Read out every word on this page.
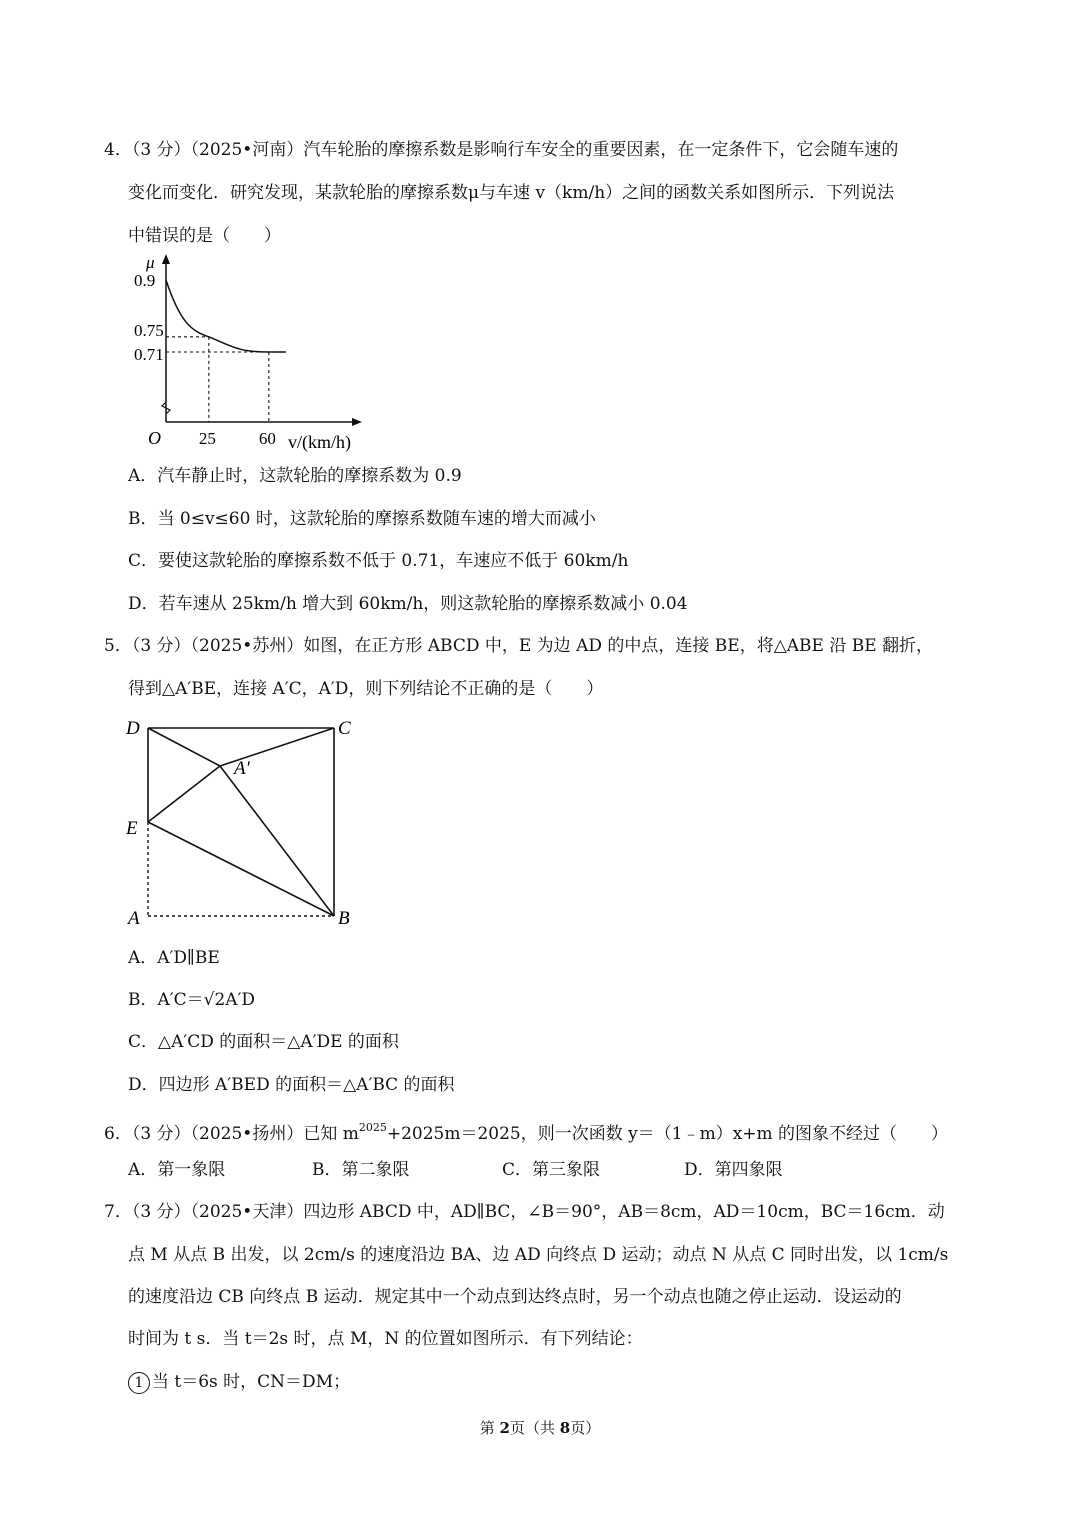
4．（3 分）（2025•河南）汽车轮胎的摩擦系数是影响行车安全的重要因素，在一定条件下，它会随车速的
变化而变化．研究发现，某款轮胎的摩擦系数μ与车速 v（km/h）之间的函数关系如图所示．下列说法
中错误的是（　　）
0.9
0.75
0.71
25	60
μ
O	v/(km/h)
A．汽车静止时，这款轮胎的摩擦系数为 0.9
B．当 0≤v≤60 时，这款轮胎的摩擦系数随车速的增大而减小
C．要使这款轮胎的摩擦系数不低于 0.71，车速应不低于 60km/h
D．若车速从 25km/h 增大到 60km/h，则这款轮胎的摩擦系数减小 0.04
5．（3 分）（2025•苏州）如图，在正方形 ABCD 中，E 为边 AD 的中点，连接 BE，将△ABE 沿 BE 翻折，
得到△A′BE，连接 A′C，A′D，则下列结论不正确的是（　　）
D	C
A′
E
A	B
A．A′D∥BE
B．A′C＝√2A′D
C．△A′CD 的面积＝△A′DE 的面积
D．四边形 A′BED 的面积＝△A′BC 的面积
6．（3 分）（2025•扬州）已知 $m^{2025}+2025m=2025$，则一次函数 y＝（1﹣m）x+m 的图象不经过（　　）
A．第一象限	B．第二象限	C．第三象限	D．第四象限
7．（3 分）（2025•天津）四边形 ABCD 中，AD∥BC，∠B＝90°，AB＝8cm，AD＝10cm，BC＝16cm．动
点 M 从点 B 出发，以 2cm/s 的速度沿边 BA、边 AD 向终点 D 运动；动点 N 从点 C 同时出发，以 1cm/s
的速度沿边 CB 向终点 B 运动．规定其中一个动点到达终点时，另一个动点也随之停止运动．设运动的
时间为 t s．当 t＝2s 时，点 M，N 的位置如图所示．有下列结论：
1 当 t＝6s 时，CN＝DM；
第 2页（共 8页）
